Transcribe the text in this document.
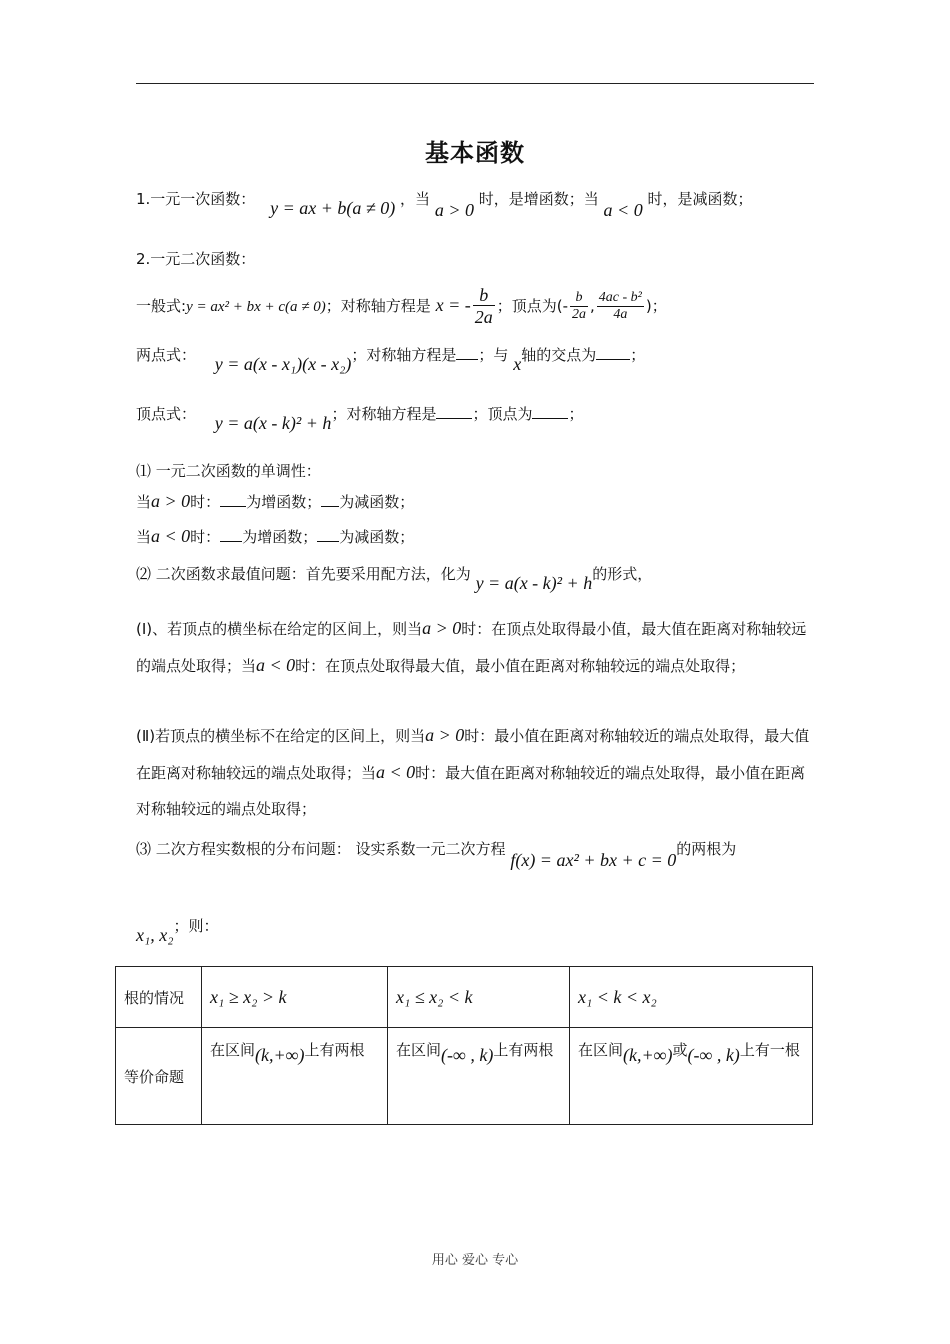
基本函数
1.一元一次函数： y = ax + b(a ≠ 0) ，当 a > 0 时，是增函数；当 a < 0 时，是减函数；
2.一元二次函数：
一般式:y = ax² + bx + c(a ≠ 0)；对称轴方程是 x = - $\frac{b}{2a}$ ；顶点为(- $\frac{b}{2a}$ , $\frac{\text{4ac - b²}}{4a}$ )；
两点式： y = a(x - x₁)(x - x₂)；对称轴方程是 ；与 x轴的交点为 ；
顶点式： y = a(x - k)² + h；对称轴方程是 ；顶点为 ；
⑴ 一元二次函数的单调性：
当a > 0时： 为增函数； 为减函数；
当a < 0时： 为增函数； 为减函数；
⑵ 二次函数求最值问题：首先要采用配方法，化为 y = a(x - k)² + h的形式，
(Ⅰ)、若顶点的横坐标在给定的区间上，则当a > 0时：在顶点处取得最小值，最大值在距离对称轴较远的端点处取得；当a < 0时：在顶点处取得最大值，最小值在距离对称轴较远的端点处取得；
(Ⅱ)若顶点的横坐标不在给定的区间上，则当a > 0时：最小值在距离对称轴较近的端点处取得，最大值在距离对称轴较远的端点处取得；当a < 0时：最大值在距离对称轴较近的端点处取得，最小值在距离对称轴较远的端点处取得；
⑶ 二次方程实数根的分布问题： 设实系数一元二次方程 f(x) = ax² + bx + c = 0的两根为
x₁, x₂；则：
根的情况	x₁ ≥ x₂ > k	x₁ ≤ x₂ < k	x₁ < k < x₂
等价命题	在区间(k,+∞)上有两根	在区间(-∞ , k)上有两根	在区间(k,+∞)或(-∞ , k)上有一根
用心 爱心 专心
